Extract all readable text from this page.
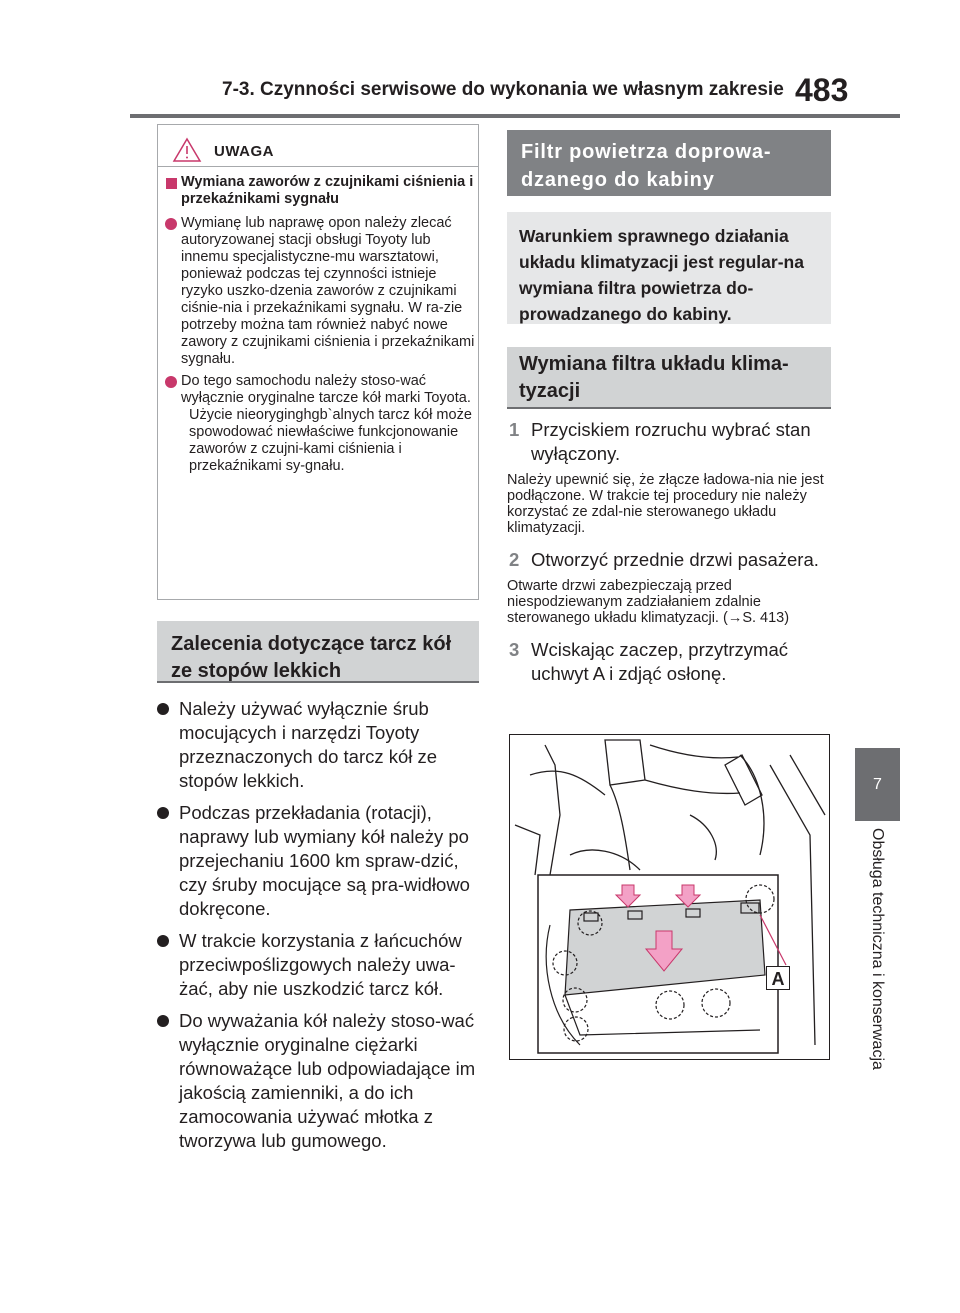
7-3. Czynności serwisowe do wykonania we własnym zakresie 483
7
Obsługa techniczna i konserwacja
UWAGA
Wymiana zaworów z czujnikami ciśnienia i przekaźnikami sygnału
Wymianę lub naprawę opon należy zlecać autoryzowanej stacji obsługi Toyoty lub innemu specjalistyczne-mu warsztatowi, ponieważ podczas tej czynności istnieje ryzyko uszko-dzenia zaworów z czujnikami ciśnie-nia i przekaźnikami sygnału. W ra-zie potrzeby można tam również nabyć nowe zawory z czujnikami ciśnienia i przekaźnikami sygnału.
Do tego samochodu należy stoso-wać wyłącznie oryginalne tarcze kół marki Toyota.
Użycie nieoryginghgb`alnych tarcz kół może spowodować niewłaściwe funkcjonowanie zaworów z czujni-kami ciśnienia i przekaźnikami sy-gnału.
Zalecenia dotyczące tarcz kół ze stopów lekkich
Należy używać wyłącznie śrub mocujących i narzędzi Toyoty przeznaczonych do tarcz kół ze stopów lekkich.
Podczas przekładania (rotacji), naprawy lub wymiany kół należy po przejechaniu 1600 km spraw-dzić, czy śruby mocujące są pra-widłowo dokręcone.
W trakcie korzystania z łańcuchów przeciwpoślizgowych należy uwa-żać, aby nie uszkodzić tarcz kół.
Do wyważania kół należy stoso-wać wyłącznie oryginalne ciężarki równoważące lub odpowiadające im jakością zamienniki, a do ich zamocowania używać młotka z tworzywa lub gumowego.
Filtr powietrza doprowa-dzanego do kabiny
Warunkiem sprawnego działania układu klimatyzacji jest regular-na wymiana filtra powietrza do-prowadzanego do kabiny.
Wymiana filtra układu klima-tyzacji
1 Przyciskiem rozruchu wybrać stan wyłączony.
Należy upewnić się, że złącze ładowa-nia nie jest podłączone. W trakcie tej procedury nie należy korzystać ze zdal-nie sterowanego układu klimatyzacji.
2 Otworzyć przednie drzwi pasażera.
Otwarte drzwi zabezpieczają przed niespodziewanym zadziałaniem zdalnie sterowanego układu klimatyzacji. (→S. 413)
3 Wciskając zaczep, przytrzymać uchwyt A i zdjąć osłonę.
A
